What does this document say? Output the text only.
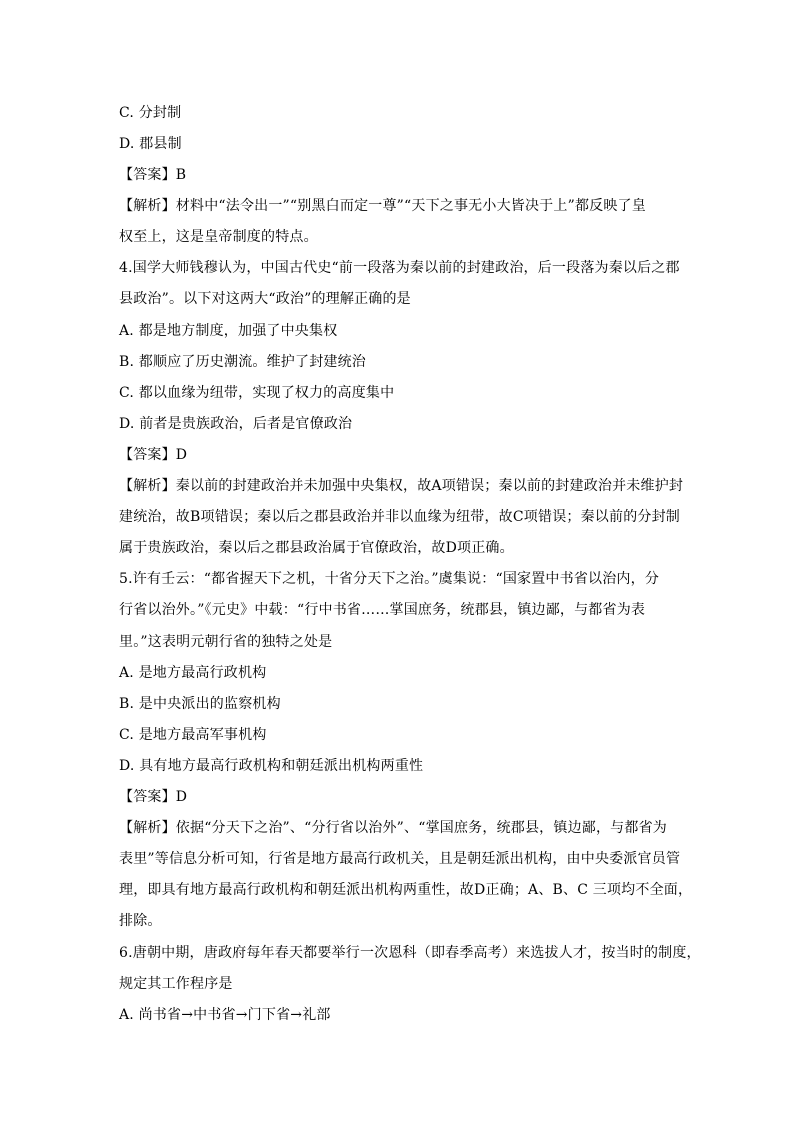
C. 分封制
D. 郡县制
【答案】B
【解析】材料中“法令出一”“别黑白而定一尊”“天下之事无小大皆决于上”都反映了皇
权至上，这是皇帝制度的特点。
4.国学大师钱穆认为，中国古代史“前一段落为秦以前的封建政治，后一段落为秦以后之郡
县政治”。以下对这两大“政治”的理解正确的是
A. 都是地方制度，加强了中央集权
B. 都顺应了历史潮流。维护了封建统治
C. 都以血缘为纽带，实现了权力的高度集中
D. 前者是贵族政治，后者是官僚政治
【答案】D
【解析】秦以前的封建政治并未加强中央集权，故A项错误；秦以前的封建政治并未维护封
建统治，故B项错误；秦以后之郡县政治并非以血缘为纽带，故C项错误；秦以前的分封制
属于贵族政治，秦以后之郡县政治属于官僚政治，故D项正确。
5.许有壬云：“都省握天下之机，十省分天下之治。”虞集说：“国家置中书省以治内，分
行省以治外。”《元史》中载：“行中书省……掌国庶务，统郡县，镇边鄙，与都省为表
里。”这表明元朝行省的独特之处是
A. 是地方最高行政机构
B. 是中央派出的监察机构
C. 是地方最高军事机构
D. 具有地方最高行政机构和朝廷派出机构两重性
【答案】D
【解析】依据“分天下之治”、“分行省以治外”、“掌国庶务，统郡县，镇边鄙，与都省为
表里”等信息分析可知，行省是地方最高行政机关，且是朝廷派出机构，由中央委派官员管
理，即具有地方最高行政机构和朝廷派出机构两重性，故D正确；A、B、C 三项均不全面，
排除。
6.唐朝中期，唐政府每年春天都要举行一次恩科（即春季高考）来选拔人才，按当时的制度，
规定其工作程序是
A. 尚书省→中书省→门下省→礼部
